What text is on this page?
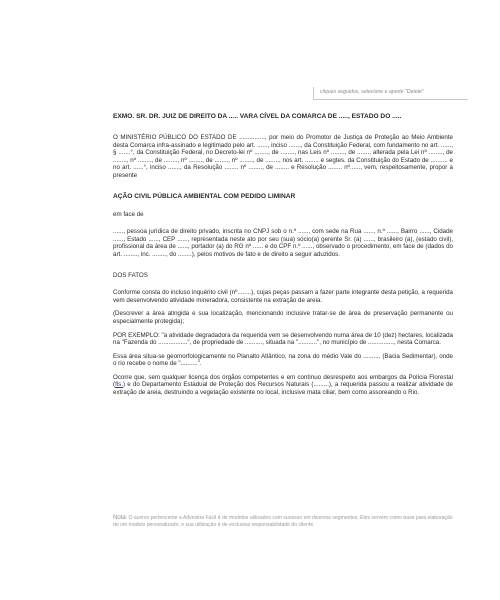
cliques seguidos, selecione e aperte "Delete"

EXMO. SR. DR. JUIZ DE DIREITO DA ..... VARA CÍVEL DA COMARCA DE ....., ESTADO DO .....

O MINISTÉRIO PÚBLICO DO ESTADO DE ..............., por meio do Promotor de Justiça de Proteção ao Meio Ambiente desta Comarca infra-assinado e legitimado pelo art. ......, inciso ......., da Constituição Federal, com fundamento no art. ......, § .......°, da Constituição Federal, no Decreto-lei nº ........, de ........, nas Leis nº ........, de ......., alterada pela Lei nº ........, de ........, nº ........, de ........, nº ........, de ........, nº ........, de ........, nos art. ........ e segtes. da Constituição do Estado de .......... e no art. ......°, inciso ......., da Resolução ........ nº ........, de ........ e Resolução ........ nº......, vem, respeitosamente, propor a presente

AÇÃO CIVIL PÚBLICA AMBIENTAL COM PEDIDO LIMINAR

em face de

......, pessoa jurídica de direito privado, inscrita no CNPJ sob o n.º ......, com sede na Rua ......, n.º ......, Bairro ......, Cidade ......, Estado ......, CEP ......, representada neste ato por seu (sua) sócio(a) gerente Sr. (a) ......, brasileiro (a), (estado civil), profissional da área de ......, portador (a) do RG nº ...... e do CPF n.º ......, observado o procedimento, em face de (dados do art. ........, inc. ........, do ........), pelos motivos de fato e de direito a seguir aduzidos.

DOS FATOS

Conforme consta do incluso inquérito civil (nº........), cujas peças passam a fazer parte integrante desta petição, a requerida vem desenvolvendo atividade mineradora, consistente na extração de areia.

(Descrever a área atingida e sua localização, mencionando inclusive tratar-se de área de preservação permanente ou especialmente protegida);

POR EXEMPLO: "a atividade degradadora da requerida vem se desenvolvendo numa área de 10 (dez) hectares, localizada na "Fazenda do .................", de propriedade de .........., situada na "...........", no município de ..............., nesta Comarca.

Essa área situa-se geomorfologicamente no Planalto Atlântico, na zona do médio Vale do .......... (Bacia Sedimentar), onde o rio recebe o nome de "..........".

Ocorre que, sem qualquer licença dos órgãos competentes e em contínuo desrespeito aos embargos da Polícia Florestal (fls.) e do Departamento Estadual de Proteção dos Recursos Naturais (.........), a requerida passou a realizar atividade de extração de areia, destruindo a vegetação existente no local, inclusive mata ciliar, bem como assoreando o Rio.

Nota: O acervo pertencente a Advnistra Fácil é de modelos utilizados com sucesso em diversos segmentos. Eles servem como base para elaboração de um modelo personalizado, e sua utilização é de exclusiva responsabilidade do cliente.
